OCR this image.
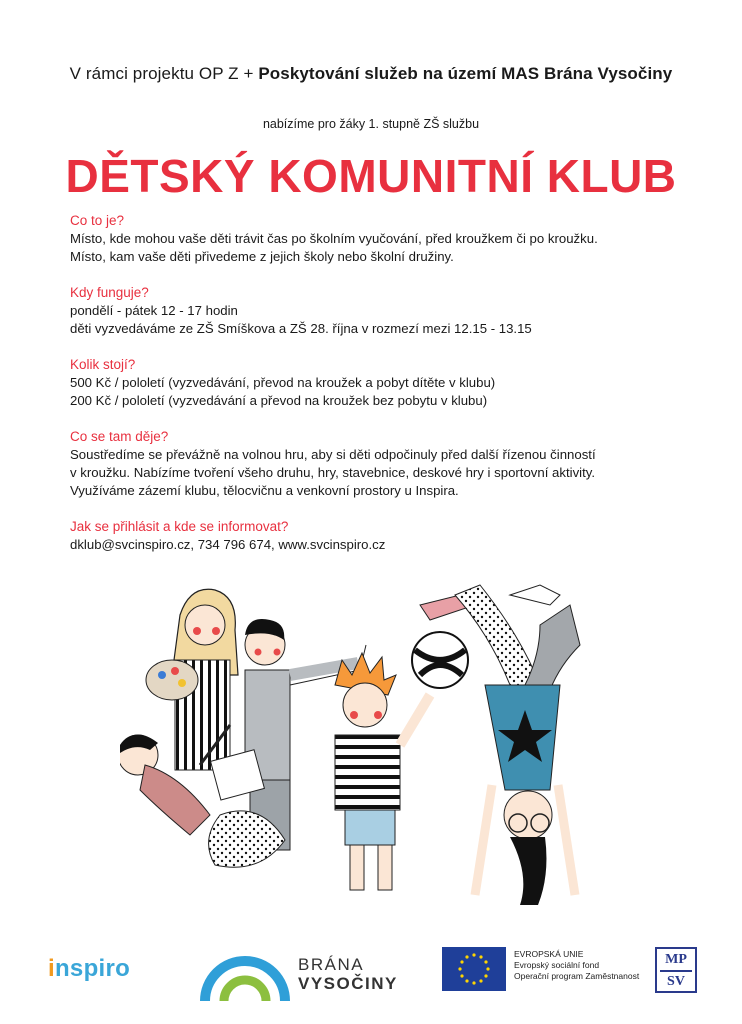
V rámci projektu OP Z + Poskytování služeb na území MAS Brána Vysočiny
nabízíme pro žáky 1. stupně ZŠ službu
DĚTSKÝ KOMUNITNÍ KLUB
Co to je?
Místo, kde mohou vaše děti trávit čas po školním vyučování, před kroužkem či po kroužku.
Místo, kam vaše děti přivedeme z jejich školy nebo školní družiny.
Kdy funguje?
pondělí - pátek 12 - 17 hodin
děti vyzvedáváme ze ZŠ Smíškova a ZŠ 28. října v rozmezí mezi 12.15 - 13.15
Kolik stojí?
500 Kč / pololetí (vyzvedávání, převod na kroužek a pobyt dítěte v klubu)
200 Kč / pololetí (vyzvedávání a převod na kroužek bez pobytu v klubu)
Co se tam děje?
Soustředíme se převážně na volnou hru, aby si děti odpočinuly před další řízenou činností
v kroužku. Nabízíme tvoření všeho druhu, hry, stavebnice, deskové hry i sportovní aktivity.
Využíváme zázemí klubu, tělocvičnu a venkovní prostory u Inspira.
Jak se přihlásit a kde se informovat?
dklub@svcinspiro.cz, 734 796 674, www.svcinspiro.cz
inspiro	BRÁNA
VYSOČINY
EVROPSKÁ UNIE
Evropský sociální fond
Operační program Zaměstnanost
MP
SV
